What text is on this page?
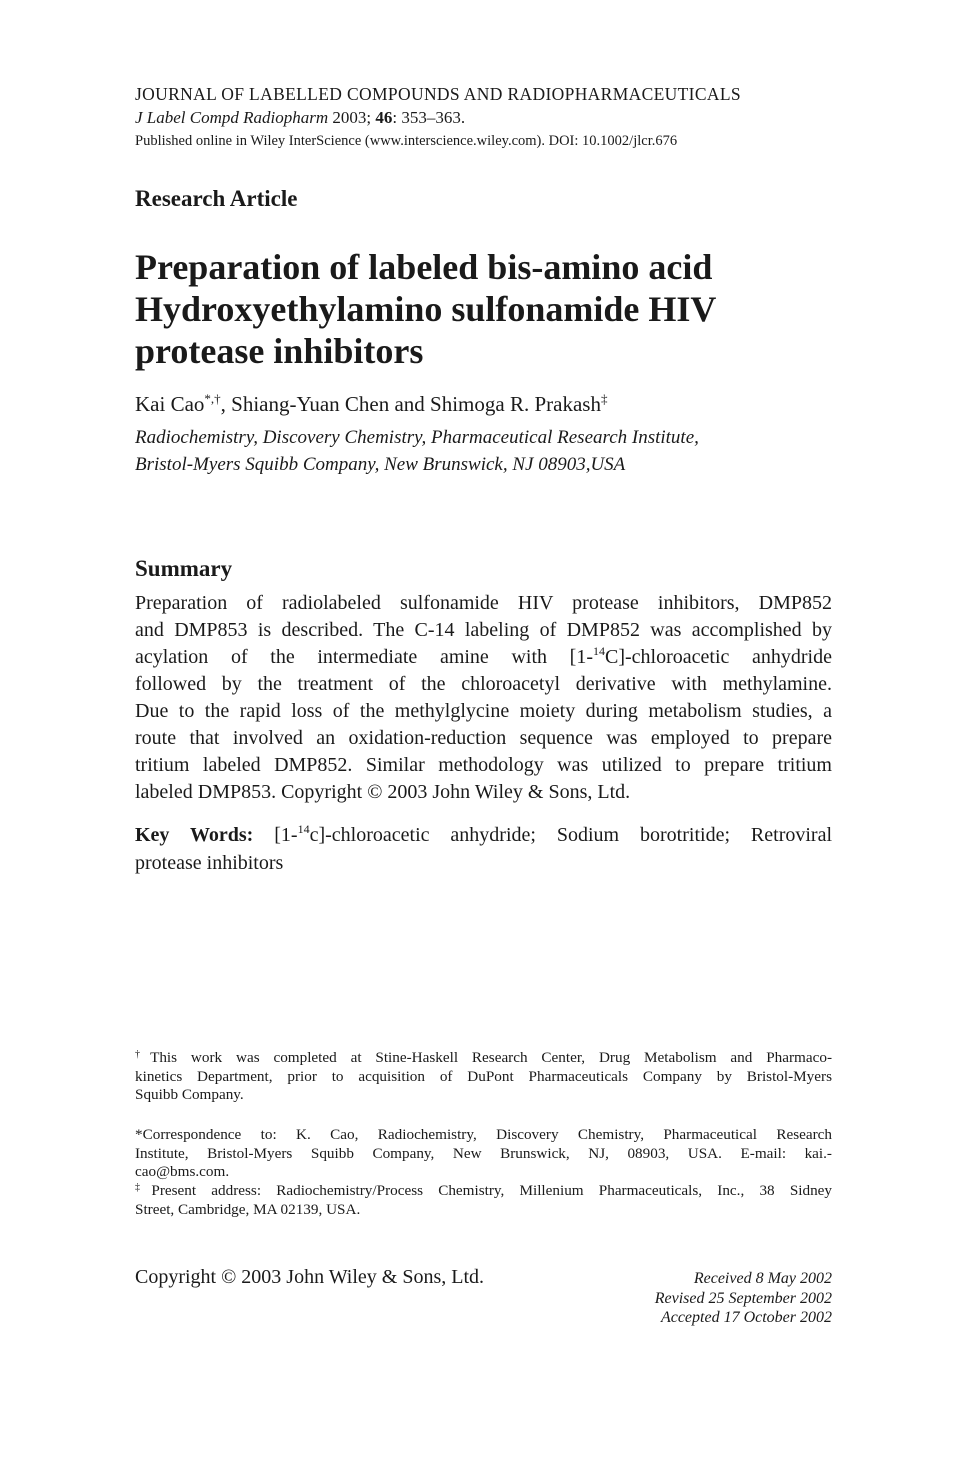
JOURNAL OF LABELLED COMPOUNDS AND RADIOPHARMACEUTICALS
J Label Compd Radiopharm 2003; 46: 353–363.
Published online in Wiley InterScience (www.interscience.wiley.com). DOI: 10.1002/jlcr.676
Research Article
Preparation of labeled bis-amino acid
Hydroxyethylamino sulfonamide HIV
protease inhibitors
Kai Cao*,†, Shiang-Yuan Chen and Shimoga R. Prakash‡
Radiochemistry, Discovery Chemistry, Pharmaceutical Research Institute,
Bristol-Myers Squibb Company, New Brunswick, NJ 08903,USA
Summary
Preparation of radiolabeled sulfonamide HIV protease inhibitors, DMP852
and DMP853 is described. The C-14 labeling of DMP852 was accomplished by
acylation of the intermediate amine with [1-$^{14}$C]-chloroacetic anhydride
followed by the treatment of the chloroacetyl derivative with methylamine.
Due to the rapid loss of the methylglycine moiety during metabolism studies, a
route that involved an oxidation-reduction sequence was employed to prepare
tritium labeled DMP852. Similar methodology was utilized to prepare tritium
labeled DMP853. Copyright © 2003 John Wiley & Sons, Ltd.
Key Words: [1-$^{14}$c]-chloroacetic anhydride; Sodium borotritide; Retroviral
protease inhibitors
†This work was completed at Stine-Haskell Research Center, Drug Metabolism and Pharmaco-
kinetics Department, prior to acquisition of DuPont Pharmaceuticals Company by Bristol-Myers
Squibb Company.
*Correspondence to: K. Cao, Radiochemistry, Discovery Chemistry, Pharmaceutical Research
Institute, Bristol-Myers Squibb Company, New Brunswick, NJ, 08903, USA. E-mail: kai.-
cao@bms.com.
‡Present address: Radiochemistry/Process Chemistry, Millenium Pharmaceuticals, Inc., 38 Sidney
Street, Cambridge, MA 02139, USA.
Copyright © 2003 John Wiley & Sons, Ltd.	Received 8 May 2002
Revised 25 September 2002
Accepted 17 October 2002
